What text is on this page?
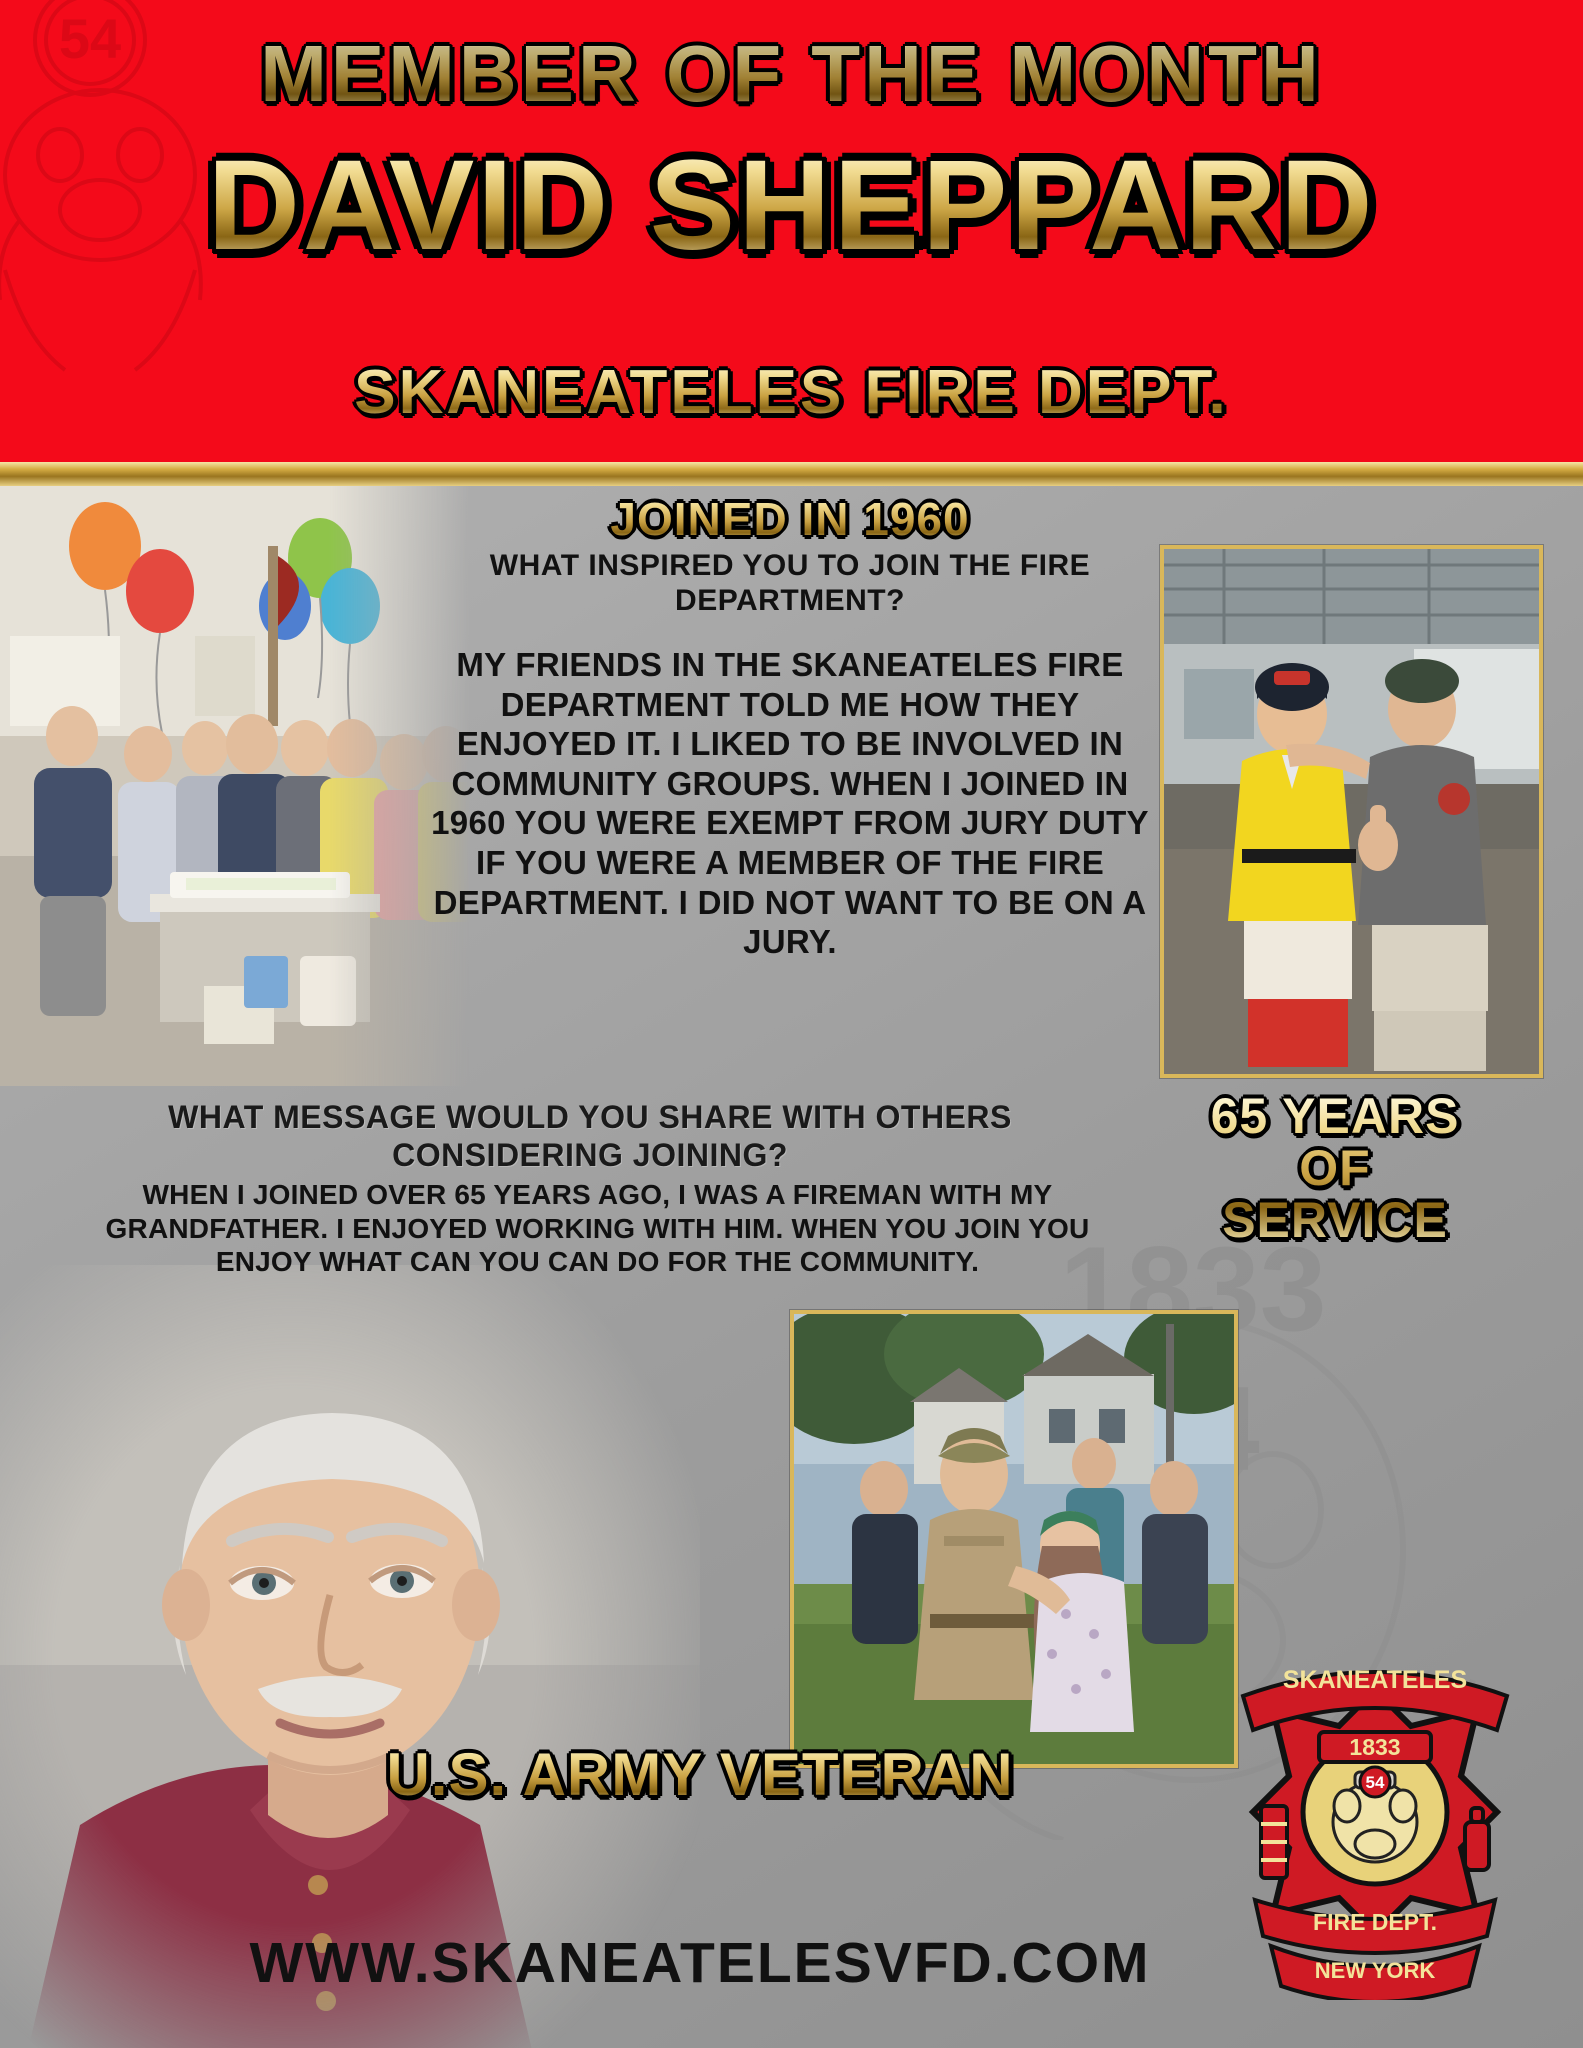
MEMBER OF THE MONTH
DAVID SHEPPARD
SKANEATELES FIRE DEPT.
1833
JOINED IN 1960
WHAT INSPIRED YOU TO JOIN THE FIRE DEPARTMENT?
MY FRIENDS IN THE SKANEATELES FIRE DEPARTMENT TOLD ME HOW THEY ENJOYED IT. I LIKED TO BE INVOLVED IN COMMUNITY GROUPS. WHEN I JOINED IN 1960 YOU WERE EXEMPT FROM JURY DUTY IF YOU WERE A MEMBER OF THE FIRE DEPARTMENT. I DID NOT WANT TO BE ON A JURY.
WHAT MESSAGE WOULD YOU SHARE WITH OTHERS CONSIDERING JOINING?
WHEN I JOINED OVER 65 YEARS AGO, I WAS A FIREMAN WITH MY GRANDFATHER. I ENJOYED WORKING WITH HIM. WHEN YOU JOIN YOU ENJOY WHAT CAN YOU CAN DO FOR THE COMMUNITY.
65 YEARS
OF
SERVICE
U.S. ARMY VETERAN
WWW.SKANEATELESVFD.COM
54
1833
SKANEATELES
FIRE DEPT.
NEW YORK
